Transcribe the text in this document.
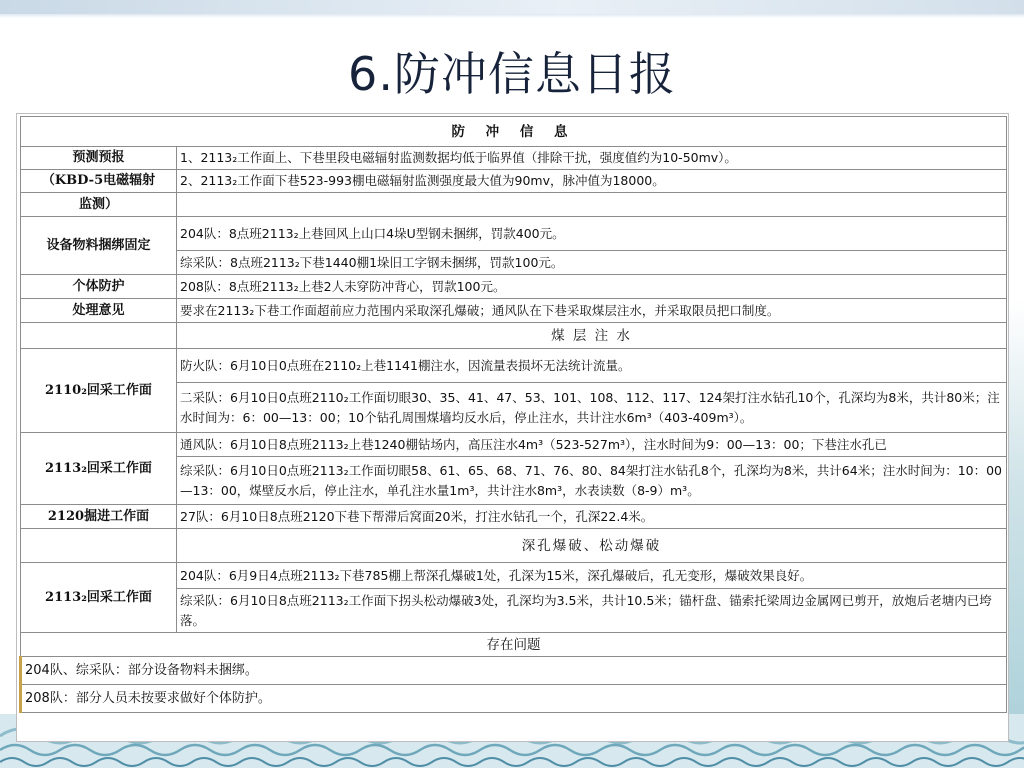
6.防冲信息日报
防 冲 信 息	
预测预报	1、2113₂工作面上、下巷里段电磁辐射监测数据均低于临界值（排除干扰，强度值约为10-50mv）。
（KBD-5电磁辐射	2、2113₂工作面下巷523-993棚电磁辐射监测强度最大值为90mv，脉冲值为18000。
监测）	
设备物料捆绑固定	204队：8点班2113₂上巷回风上山口4垛U型钢未捆绑，罚款400元。
	综采队：8点班2113₂下巷1440棚1垛旧工字钢未捆绑，罚款100元。
个体防护	208队：8点班2113₂上巷2人未穿防冲背心，罚款100元。
处理意见	要求在2113₂下巷工作面超前应力范围内采取深孔爆破；通风队在下巷采取煤层注水，并采取限员把口制度。
	煤 层 注 水
2110₂回采工作面	防火队：6月10日0点班在2110₂上巷1141棚注水，因流量表损坏无法统计流量。
	二采队：6月10日0点班2110₂工作面切眼30、35、41、47、53、101、108、112、117、124架打注水钻孔10个，孔深均为8米，共计80米；注水时间为：6：00—13：00；10个钻孔周围煤墙均反水后，停止注水，共计注水6m³（403-409m³）。
2113₂回采工作面	通风队：6月10日8点班2113₂上巷1240棚钻场内，高压注水4m³（523-527m³），注水时间为9：00—13：00；下巷注水孔已
	综采队：6月10日0点班2113₂工作面切眼58、61、65、68、71、76、80、84架打注水钻孔8个，孔深均为8米，共计64米；注水时间为：10：00—13：00，煤壁反水后，停止注水，单孔注水量1m³，共计注水8m³，水表读数（8-9）m³。
2120掘进工作面	27队：6月10日8点班2120下巷下帮滞后窝面20米，打注水钻孔一个，孔深22.4米。
	深孔爆破、松动爆破
2113₂回采工作面	204队：6月9日4点班2113₂下巷785棚上帮深孔爆破1处，孔深为15米，深孔爆破后，孔无变形，爆破效果良好。
	综采队：6月10日8点班2113₂工作面下拐头松动爆破3处，孔深均为3.5米，共计10.5米；锚杆盘、锚索托梁周边金属网已剪开，放炮后老塘内已垮落。
存在问题	
204队、综采队：部分设备物料未捆绑。	
208队：部分人员未按要求做好个体防护。	
